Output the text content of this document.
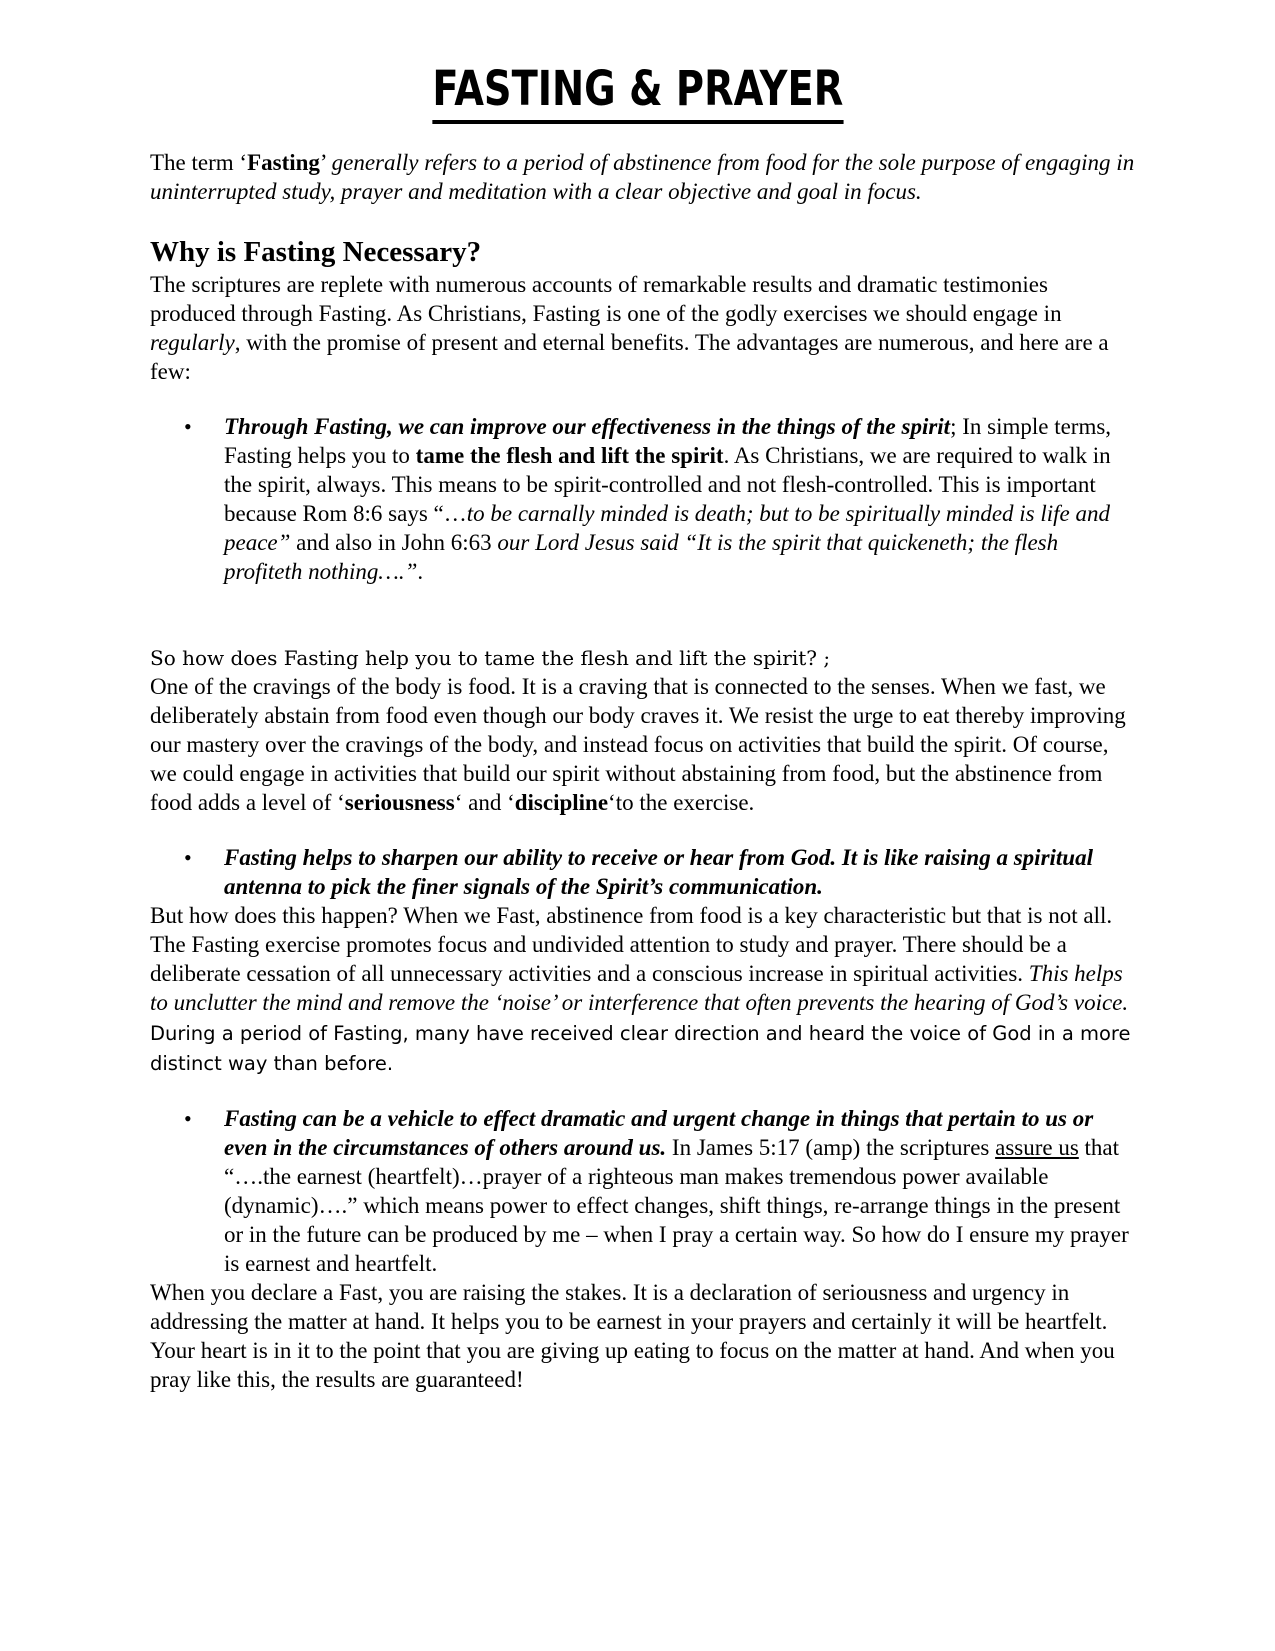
FASTING & PRAYER

The term ‘Fasting’ generally refers to a period of abstinence from food for the sole purpose of engaging in uninterrupted study, prayer and meditation with a clear objective and goal in focus.

Why is Fasting Necessary?

The scriptures are replete with numerous accounts of remarkable results and dramatic testimonies produced through Fasting. As Christians, Fasting is one of the godly exercises we should engage in regularly, with the promise of present and eternal benefits. The advantages are numerous, and here are a few:

• Through Fasting, we can improve our effectiveness in the things of the spirit; In simple terms, Fasting helps you to tame the flesh and lift the spirit. As Christians, we are required to walk in the spirit, always. This means to be spirit-controlled and not flesh-controlled. This is important because Rom 8:6 says “…to be carnally minded is death; but to be spiritually minded is life and peace” and also in John 6:63 our Lord Jesus said “It is the spirit that quickeneth; the flesh profiteth nothing….”.

So how does Fasting help you to tame the flesh and lift the spirit? ;

One of the cravings of the body is food. It is a craving that is connected to the senses. When we fast, we deliberately abstain from food even though our body craves it. We resist the urge to eat thereby improving our mastery over the cravings of the body, and instead focus on activities that build the spirit. Of course, we could engage in activities that build our spirit without abstaining from food, but the abstinence from food adds a level of ‘seriousness‘ and ‘discipline‘to the exercise.

• Fasting helps to sharpen our ability to receive or hear from God. It is like raising a spiritual antenna to pick the finer signals of the Spirit’s communication.

But how does this happen? When we Fast, abstinence from food is a key characteristic but that is not all. The Fasting exercise promotes focus and undivided attention to study and prayer. There should be a deliberate cessation of all unnecessary activities and a conscious increase in spiritual activities. This helps to unclutter the mind and remove the ‘noise’ or interference that often prevents the hearing of God’s voice. During a period of Fasting, many have received clear direction and heard the voice of God in a more distinct way than before.

• Fasting can be a vehicle to effect dramatic and urgent change in things that pertain to us or even in the circumstances of others around us. In James 5:17 (amp) the scriptures assure us that “….the earnest (heartfelt)…prayer of a righteous man makes tremendous power available (dynamic)….” which means power to effect changes, shift things, re-arrange things in the present or in the future can be produced by me – when I pray a certain way. So how do I ensure my prayer is earnest and heartfelt.

When you declare a Fast, you are raising the stakes. It is a declaration of seriousness and urgency in addressing the matter at hand. It helps you to be earnest in your prayers and certainly it will be heartfelt. Your heart is in it to the point that you are giving up eating to focus on the matter at hand. And when you pray like this, the results are guaranteed!
